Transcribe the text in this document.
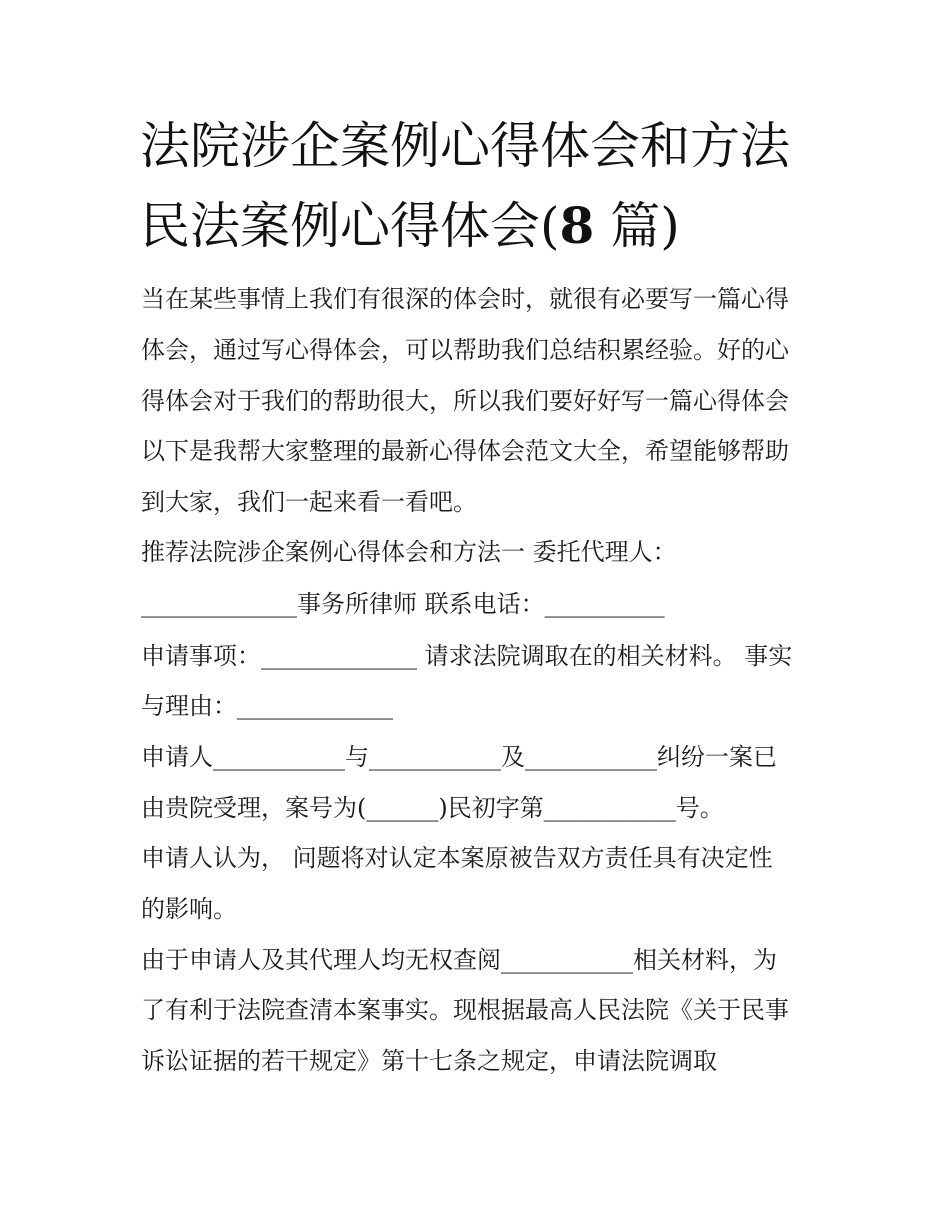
法院涉企案例心得体会和方法
民法案例心得体会(8 篇)
当在某些事情上我们有很深的体会时，就很有必要写一篇心得
体会，通过写心得体会，可以帮助我们总结积累经验。好的心
得体会对于我们的帮助很大，所以我们要好好写一篇心得体会
以下是我帮大家整理的最新心得体会范文大全，希望能够帮助
到大家，我们一起来看一看吧。
推荐法院涉企案例心得体会和方法一 委托代理人：
_____________事务所律师 联系电话：__________
申请事项：_____________ 请求法院调取在的相关材料。 事实
与理由：_____________
申请人___________与___________及___________纠纷一案已
由贵院受理，案号为(______)民初字第___________号。
申请人认为， 问题将对认定本案原被告双方责任具有决定性
的影响。
由于申请人及其代理人均无权查阅___________相关材料，为
了有利于法院查清本案事实。现根据最高人民法院《关于民事
诉讼证据的若干规定》第十七条之规定，申请法院调取
